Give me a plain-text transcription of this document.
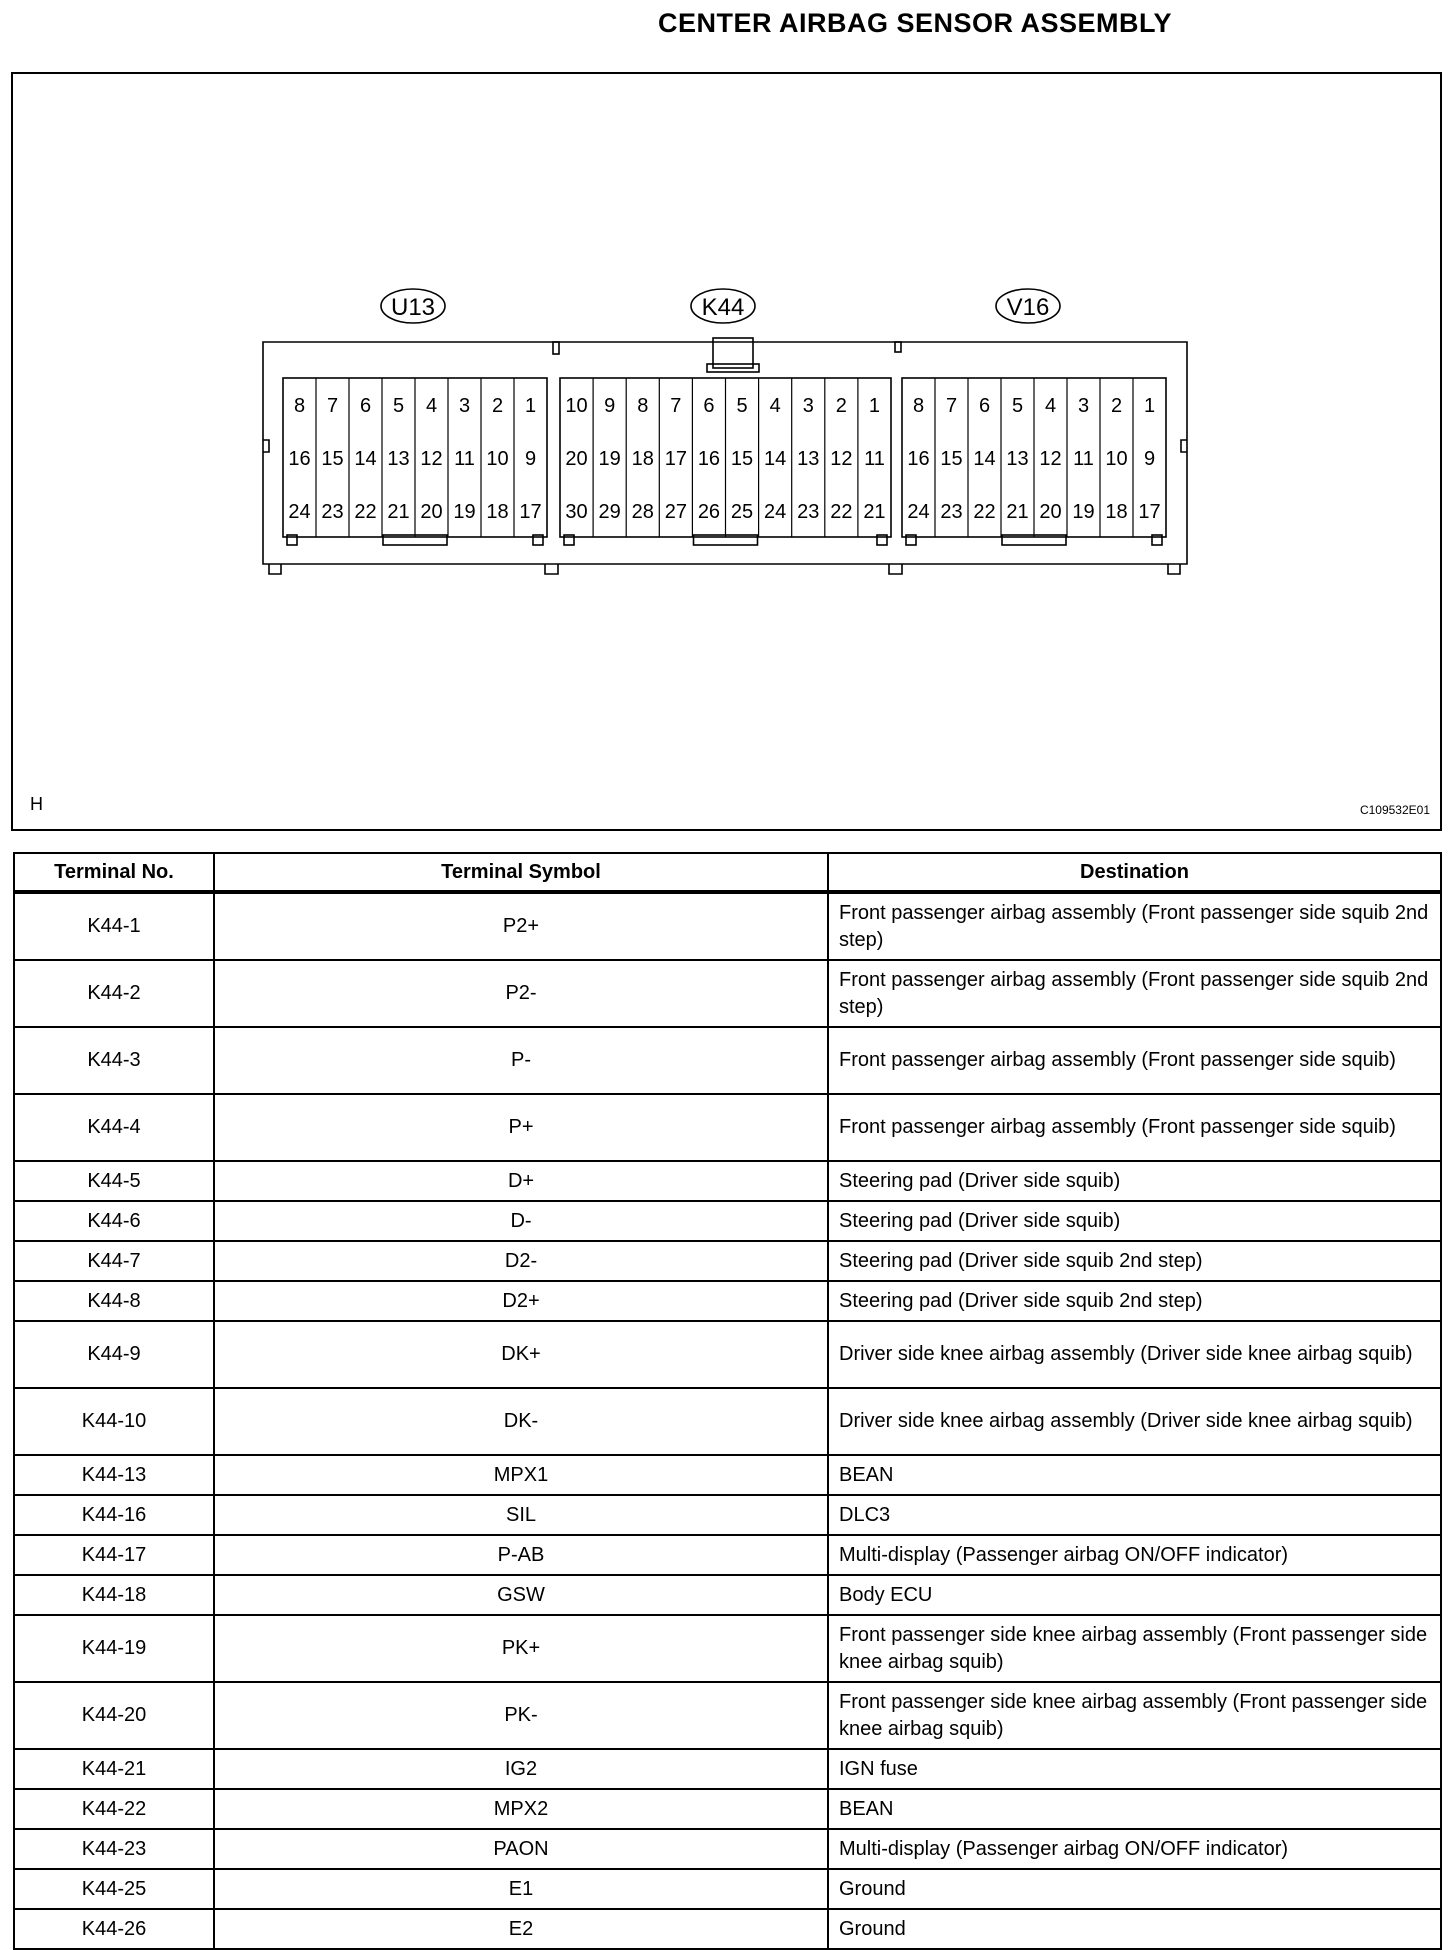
CENTER AIRBAG SENSOR ASSEMBLY
U13
8 7 6 5 4 3 2 1
16 15 14 13 12 11 10 9
24 23 22 21 20 19 18 17
K44
10 9 8 7 6 5 4 3 2 1
20 19 18 17 16 15 14 13 12 11
30 29 28 27 26 25 24 23 22 21
V16
8 7 6 5 4 3 2 1
16 15 14 13 12 11 10 9
24 23 22 21 20 19 18 17
H	C109532E01
Terminal No.	Terminal Symbol	Destination
K44-1	P2+	Front passenger airbag assembly (Front passenger side squib 2nd step)
K44-2	P2-	Front passenger airbag assembly (Front passenger side squib 2nd step)
K44-3	P-	Front passenger airbag assembly (Front passenger side squib)
K44-4	P+	Front passenger airbag assembly (Front passenger side squib)
K44-5	D+	Steering pad (Driver side squib)
K44-6	D-	Steering pad (Driver side squib)
K44-7	D2-	Steering pad (Driver side squib 2nd step)
K44-8	D2+	Steering pad (Driver side squib 2nd step)
K44-9	DK+	Driver side knee airbag assembly (Driver side knee airbag squib)
K44-10	DK-	Driver side knee airbag assembly (Driver side knee airbag squib)
K44-13	MPX1	BEAN
K44-16	SIL	DLC3
K44-17	P-AB	Multi-display (Passenger airbag ON/OFF indicator)
K44-18	GSW	Body ECU
K44-19	PK+	Front passenger side knee airbag assembly (Front passenger side knee airbag squib)
K44-20	PK-	Front passenger side knee airbag assembly (Front passenger side knee airbag squib)
K44-21	IG2	IGN fuse
K44-22	MPX2	BEAN
K44-23	PAON	Multi-display (Passenger airbag ON/OFF indicator)
K44-25	E1	Ground
K44-26	E2	Ground
